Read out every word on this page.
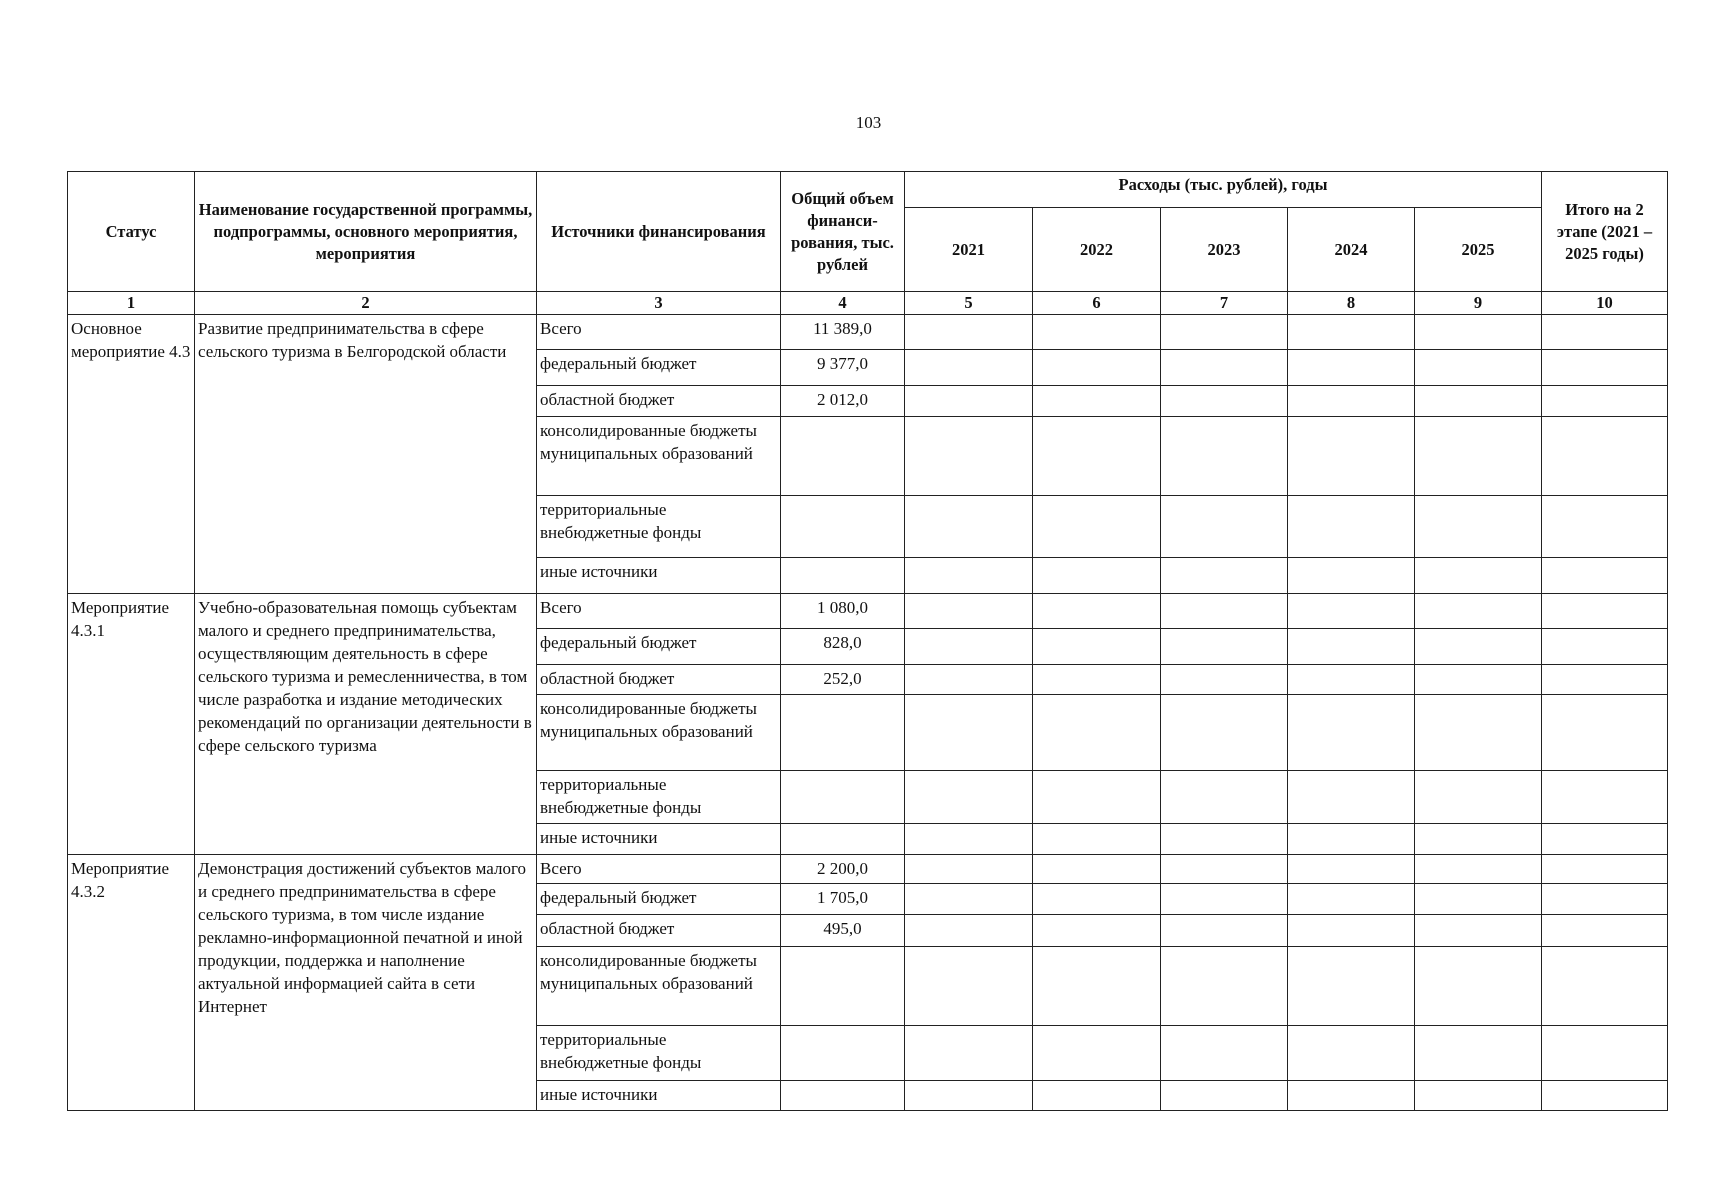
103
Статус	Наименование государственной программы, подпрограммы, основного мероприятия, мероприятия	Источники финансирования	Общий объем финанси-рования, тыс. рублей	Расходы (тыс. рублей), годы					Итого на 2 этапе (2021 – 2025 годы)
				2021	2022	2023	2024	2025	
1	2	3	4	5	6	7	8	9	10
Основное мероприятие 4.3	Развитие предпринимательства в сфере сельского туризма в Белгородской области	Всего	11 389,0						
		федеральный бюджет	9 377,0						
		областной бюджет	2 012,0						
		консолидированные бюджеты муниципальных образований							
		территориальные внебюджетные фонды							
		иные источники							
Мероприятие 4.3.1	Учебно-образовательная помощь субъектам малого и среднего предпринимательства, осуществляющим деятельность в сфере сельского туризма и ремесленничества, в том числе разработка и издание методических рекомендаций по организации деятельности в сфере сельского туризма	Всего	1 080,0						
		федеральный бюджет	828,0						
		областной бюджет	252,0						
		консолидированные бюджеты муниципальных образований							
		территориальные внебюджетные фонды							
		иные источники							
Мероприятие 4.3.2	Демонстрация достижений субъектов малого и среднего предпринимательства в сфере сельского туризма, в том числе издание рекламно-информационной печатной и иной продукции, поддержка и наполнение актуальной информацией сайта в сети Интернет	Всего	2 200,0						
		федеральный бюджет	1 705,0						
		областной бюджет	495,0						
		консолидированные бюджеты муниципальных образований							
		территориальные внебюджетные фонды							
		иные источники							
